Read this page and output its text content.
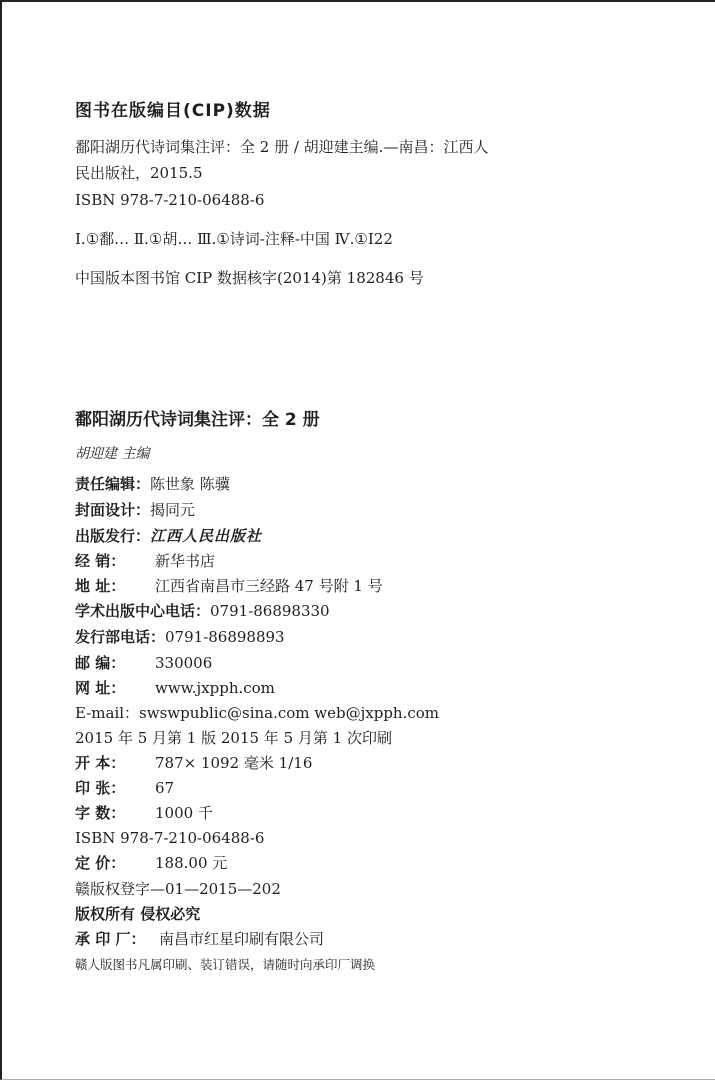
图书在版编目(CIP)数据
鄱阳湖历代诗词集注评：全 2 册 / 胡迎建主编.—南昌：江西人
民出版社，2015.5
ISBN 978-7-210-06488-6
Ⅰ.①鄱… Ⅱ.①胡… Ⅲ.①诗词-注释-中国 Ⅳ.①I22
中国版本图书馆 CIP 数据核字(2014)第 182846 号
鄱阳湖历代诗词集注评：全 2 册
胡迎建 主编
责任编辑：陈世象 陈骥
封面设计：揭同元
出版发行：江西人民出版社
经 销： 新华书店
地 址： 江西省南昌市三经路 47 号附 1 号
学术出版中心电话：0791-86898330
发行部电话：0791-86898893
邮 编： 330006
网 址： www.jxpph.com
E-mail：swswpublic@sina.com web@jxpph.com
2015 年 5 月第 1 版 2015 年 5 月第 1 次印刷
开 本： 787× 1092 毫米 1/16
印 张： 67
字 数： 1000 千
ISBN 978-7-210-06488-6
定 价： 188.00 元
赣版权登字—01—2015—202
版权所有 侵权必究
承 印 厂： 南昌市红星印刷有限公司
赣人版图书凡属印刷、装订错误，请随时向承印厂调换
